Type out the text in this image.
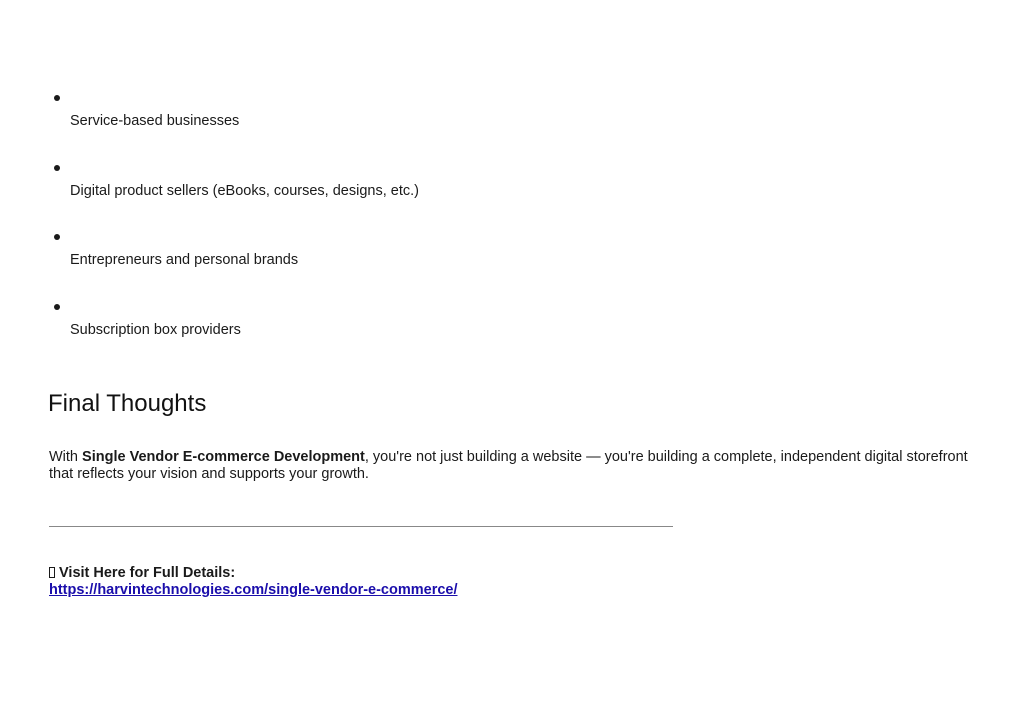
Service-based businesses
Digital product sellers (eBooks, courses, designs, etc.)
Entrepreneurs and personal brands
Subscription box providers
Final Thoughts

With Single Vendor E-commerce Development, you're not just building a website — you're building a complete, independent digital storefront that reflects your vision and supports your growth.

Visit Here for Full Details:
https://harvintechnologies.com/single-vendor-e-commerce/
